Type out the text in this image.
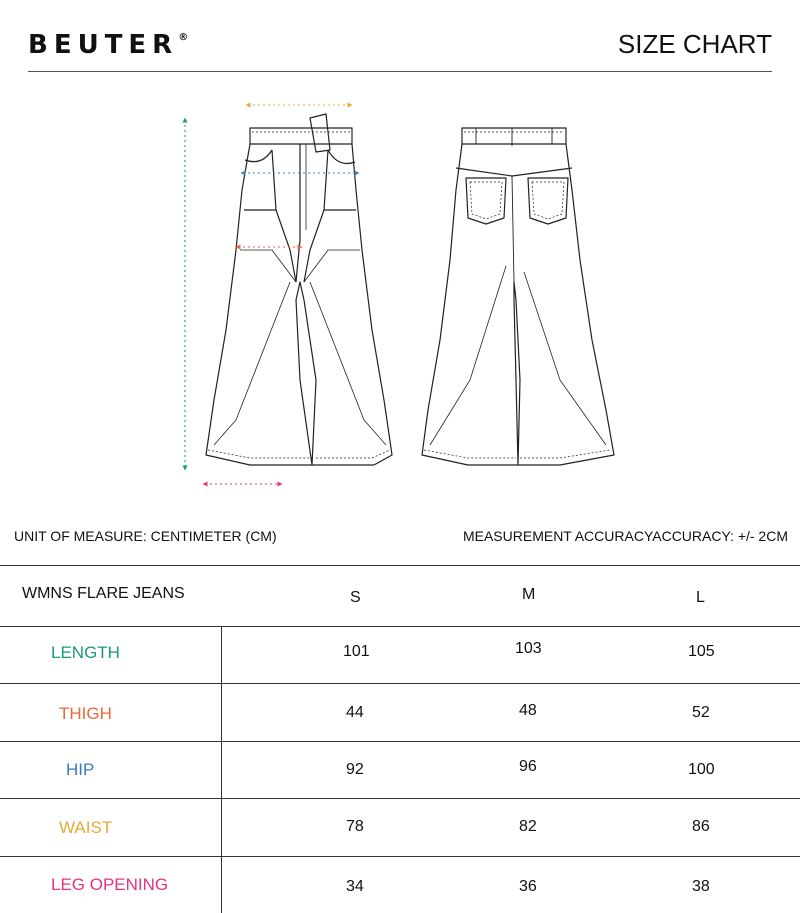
BEUTER®	SIZE CHART
UNIT OF MEASURE: CENTIMETER (CM)	MEASUREMENT ACCURACYACCURACY: +/- 2CM
WMNS FLARE JEANS	S	M	L
LENGTH	101	103	105
THIGH	44	48	52
HIP	92	96	100
WAIST	78	82	86
LEG OPENING	34	36	38
